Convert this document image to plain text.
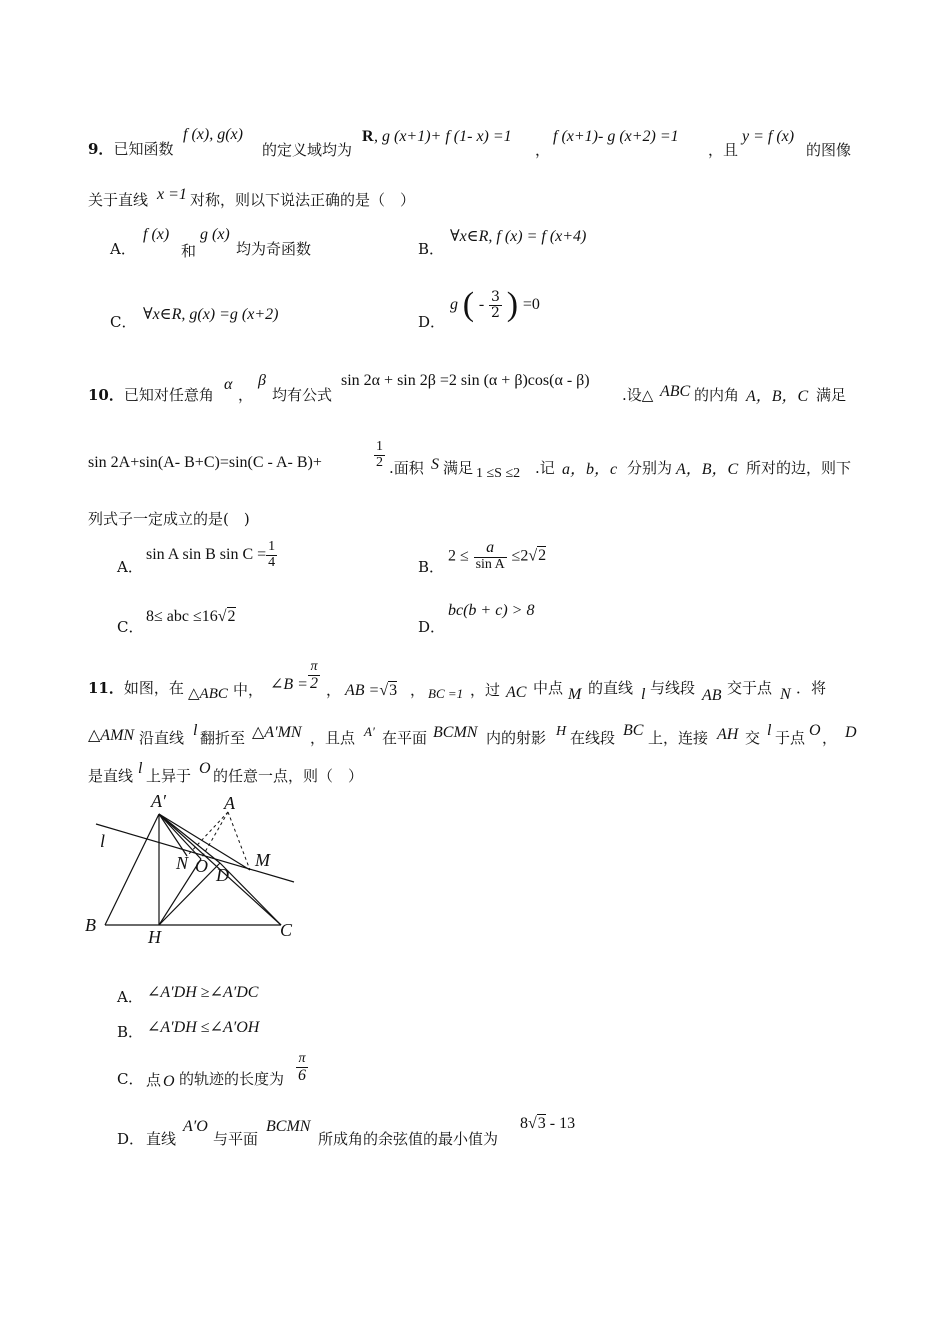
9．已知函数
f (x), g(x)
的定义域均为
R , g (x+1)+ f (1- x) =1
，
f (x+1)- g (x+2) =1
，且
y = f (x)
的图像
关于直线 x =1 对称，则以下说法正确的是（　）
A．
f (x)
和
g (x)
均为奇函数	B．
∀x∈R, f (x) = f (x+4)
C． ∀x∈R, g(x) =g (x+2)	D．
g ( - $\frac{3}{2}$ ) =0
10．已知对任意角
α
，
β
均有公式
sin 2α + sin 2β =2 sin (α + β)cos(α - β)
.设△ ABC 的内角 A，B，C 满足
sin 2A+sin(A- B+C)=sin(C - A- B)+	$\frac{1}{2}$ .面积 S 满足 1 ≤S ≤2 .记 a，b，c 分别为 A，B，C 所对的边，则下
列式子一定成立的是(　)
A．
sin A sin B $\sin C = \frac{1}{4}$	B．
$2 \le \frac{a}{\text{sin A}} \le 2√2$
C．
8≤ abc ≤16√2
D．
bc(b + c) > 8
11．如图，在 △ABC 中， ∠B = $\frac{\pi}{2}$ ， AB =√3 ， BC =1 ，过 AC 中点 M 的直线 l 与线段 AB 交于点 N ．将
△AMN 沿直线 l 翻折至 △A′MN ，且点 A′ 在平面 BCMN 内的射影 H 在线段 BC 上，连接 AH 交 l 于点 O ， D
是直线 l 上异于 O 的任意一点，则（　）
A′	A
l
N O D
M
B
H	C
A． ∠A′DH ≥∠A′DC
B． ∠A′DH ≤∠A′OH
C． 点 O 的轨迹的长度为 $\frac{\pi}{6}$
D． 直线
A′O
与平面
BCMN
所成角的余弦值的最小值为
8√3 - 13
